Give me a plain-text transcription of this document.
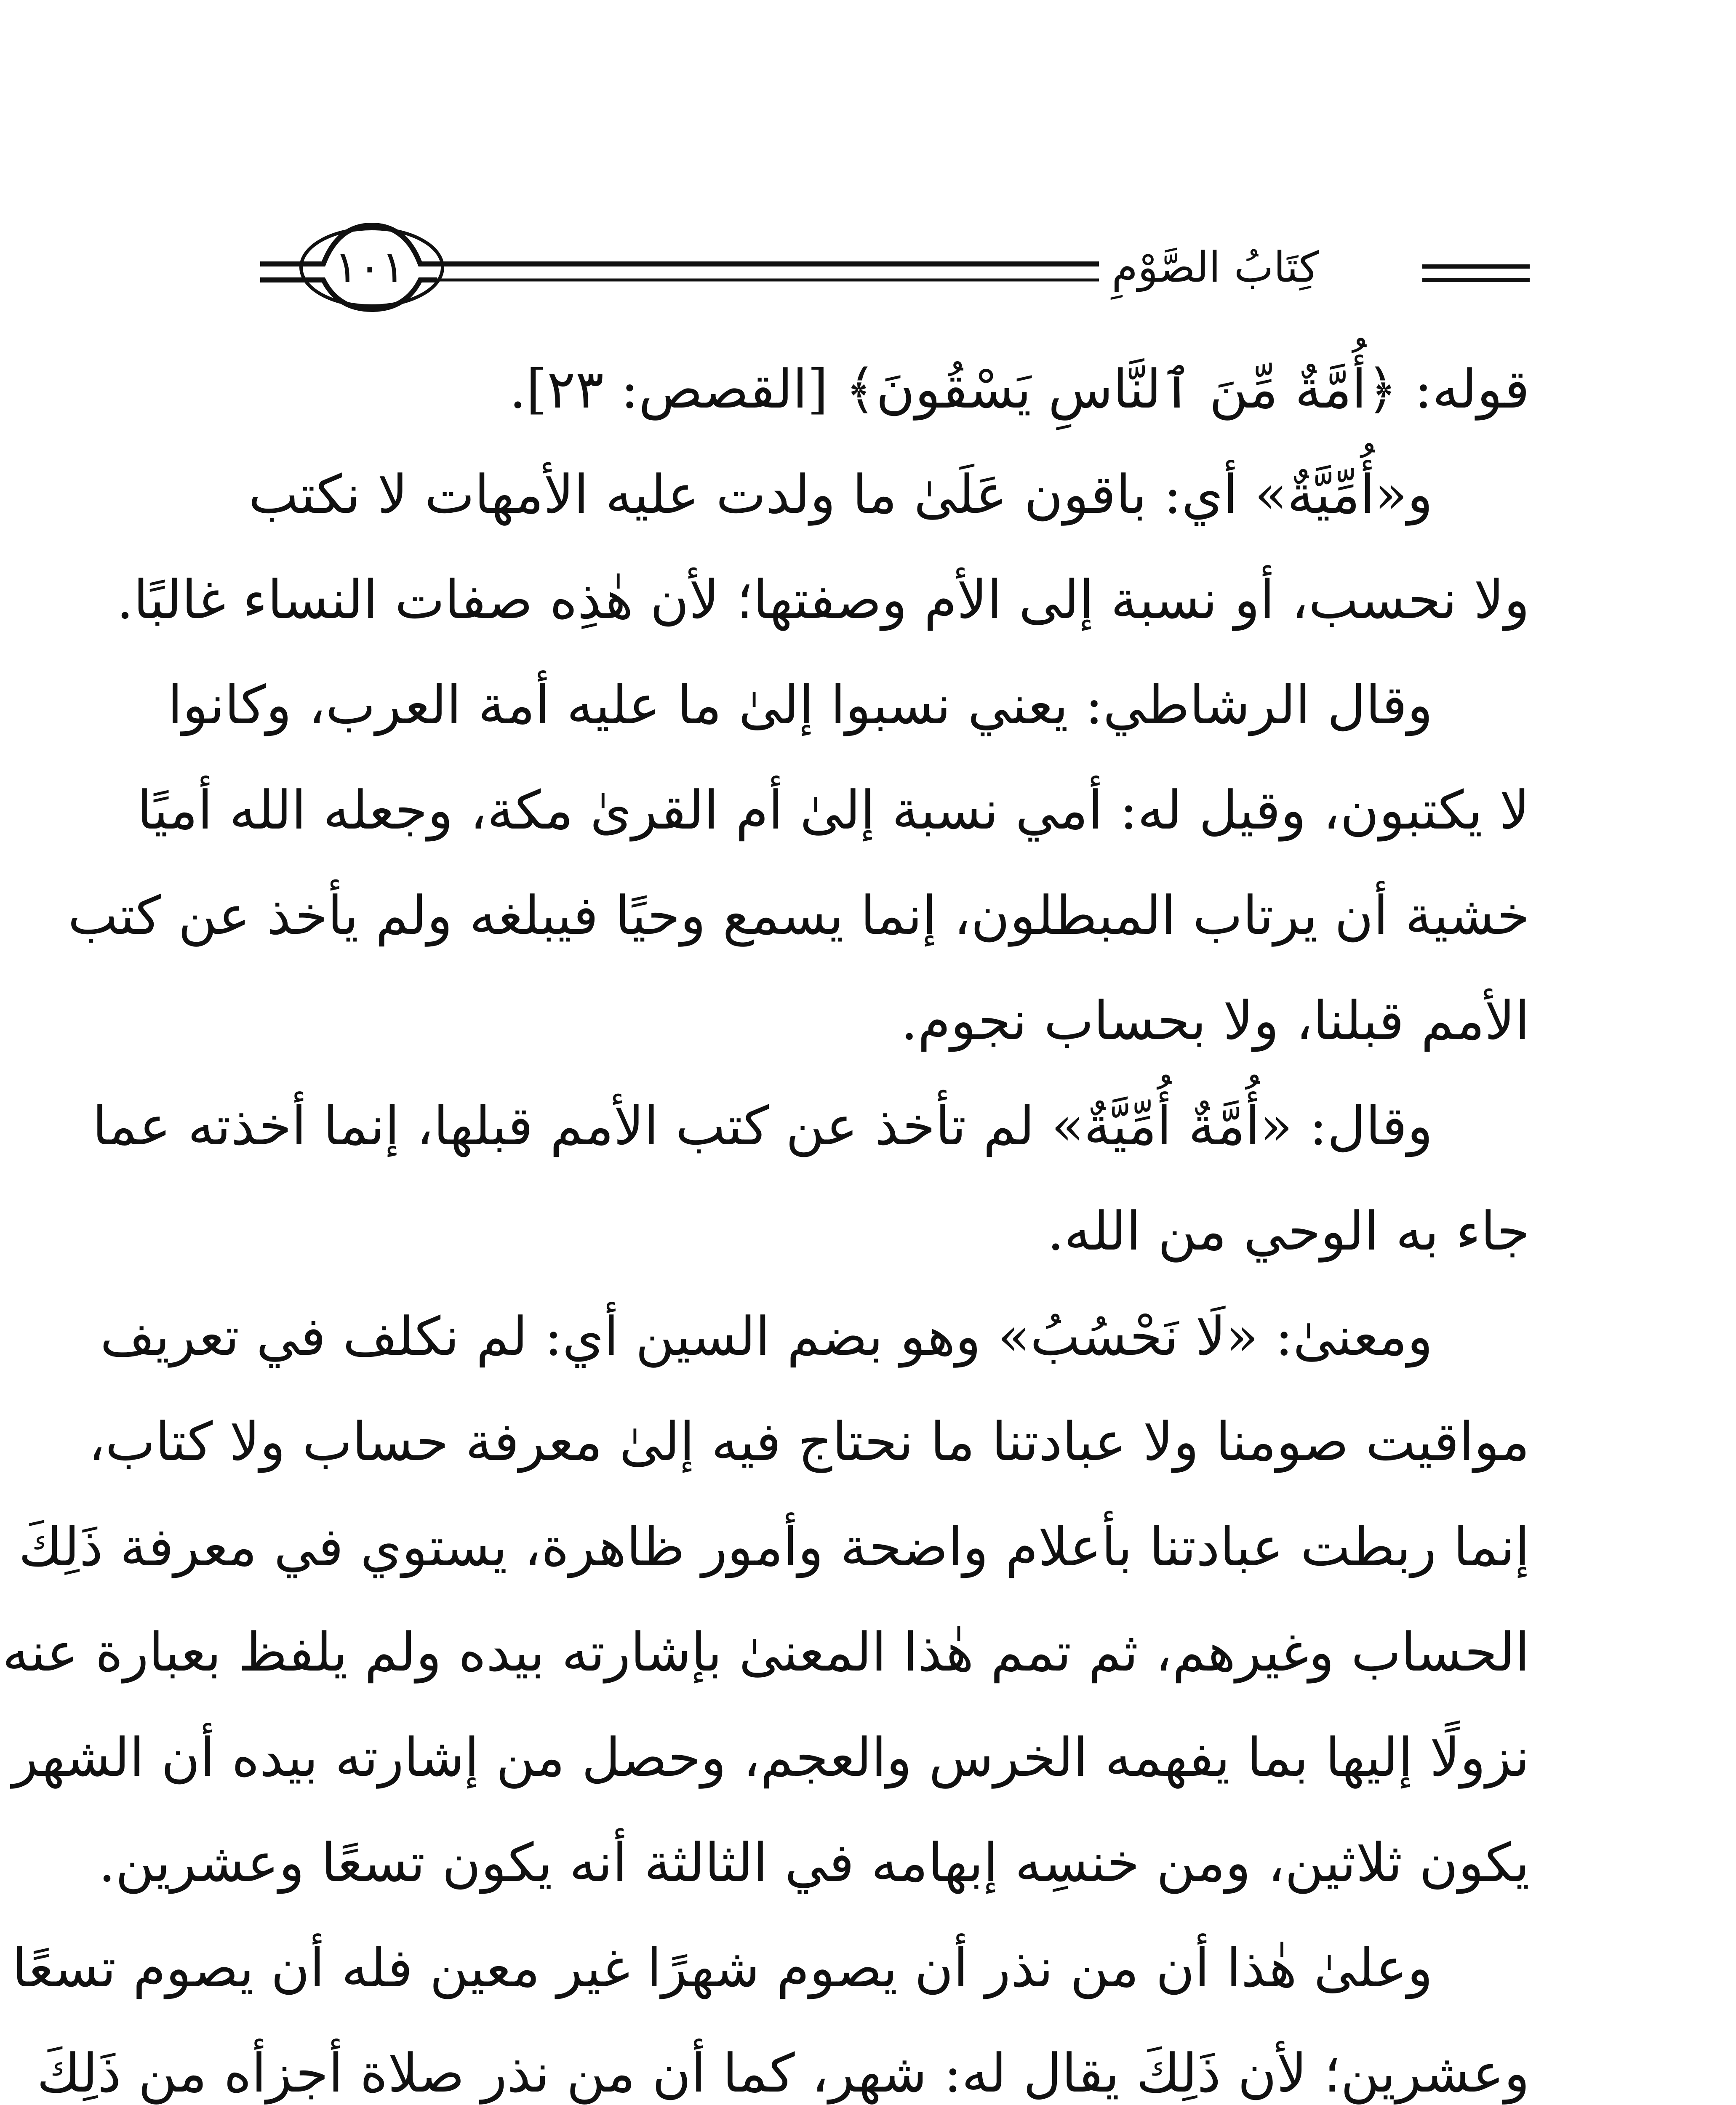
كِتَابُ الصَّوْمِ
١٠١
قوله: ﴿أُمَّةٌ مِّنَ ٱلنَّاسِ يَسْقُونَ﴾ [القصص: ٢٣].
و«أُمِّيَّةٌ» أي: باقون عَلَىٰ ما ولدت عليه الأمهات لا نكتب
ولا نحسب، أو نسبة إلى الأم وصفتها؛ لأن هٰذِه صفات النساء غالبًا.
وقال الرشاطي: يعني نسبوا إلىٰ ما عليه أمة العرب، وكانوا
لا يكتبون، وقيل له: أمي نسبة إلىٰ أم القرىٰ مكة، وجعله الله أميًا
خشية أن يرتاب المبطلون، إنما يسمع وحيًا فيبلغه ولم يأخذ عن كتب
الأمم قبلنا، ولا بحساب نجوم.
وقال: «أُمَّةٌ أُمِّيَّةٌ» لم تأخذ عن كتب الأمم قبلها، إنما أخذته عما
جاء به الوحي من الله.
ومعنىٰ: «لَا نَحْسُبُ» وهو بضم السين أي: لم نكلف في تعريف
مواقيت صومنا ولا عبادتنا ما نحتاج فيه إلىٰ معرفة حساب ولا كتاب،
إنما ربطت عبادتنا بأعلام واضحة وأمور ظاهرة، يستوي في معرفة ذَلِكَ
الحساب وغيرهم، ثم تمم هٰذا المعنىٰ بإشارته بيده ولم يلفظ بعبارة عنه
نزولًا إليها بما يفهمه الخرس والعجم، وحصل من إشارته بيده أن الشهر
يكون ثلاثين، ومن خنسِه إبهامه في الثالثة أنه يكون تسعًا وعشرين.
وعلىٰ هٰذا أن من نذر أن يصوم شهرًا غير معين فله أن يصوم تسعًا
وعشرين؛ لأن ذَلِكَ يقال له: شهر، كما أن من نذر صلاة أجزأه من ذَلِكَ
